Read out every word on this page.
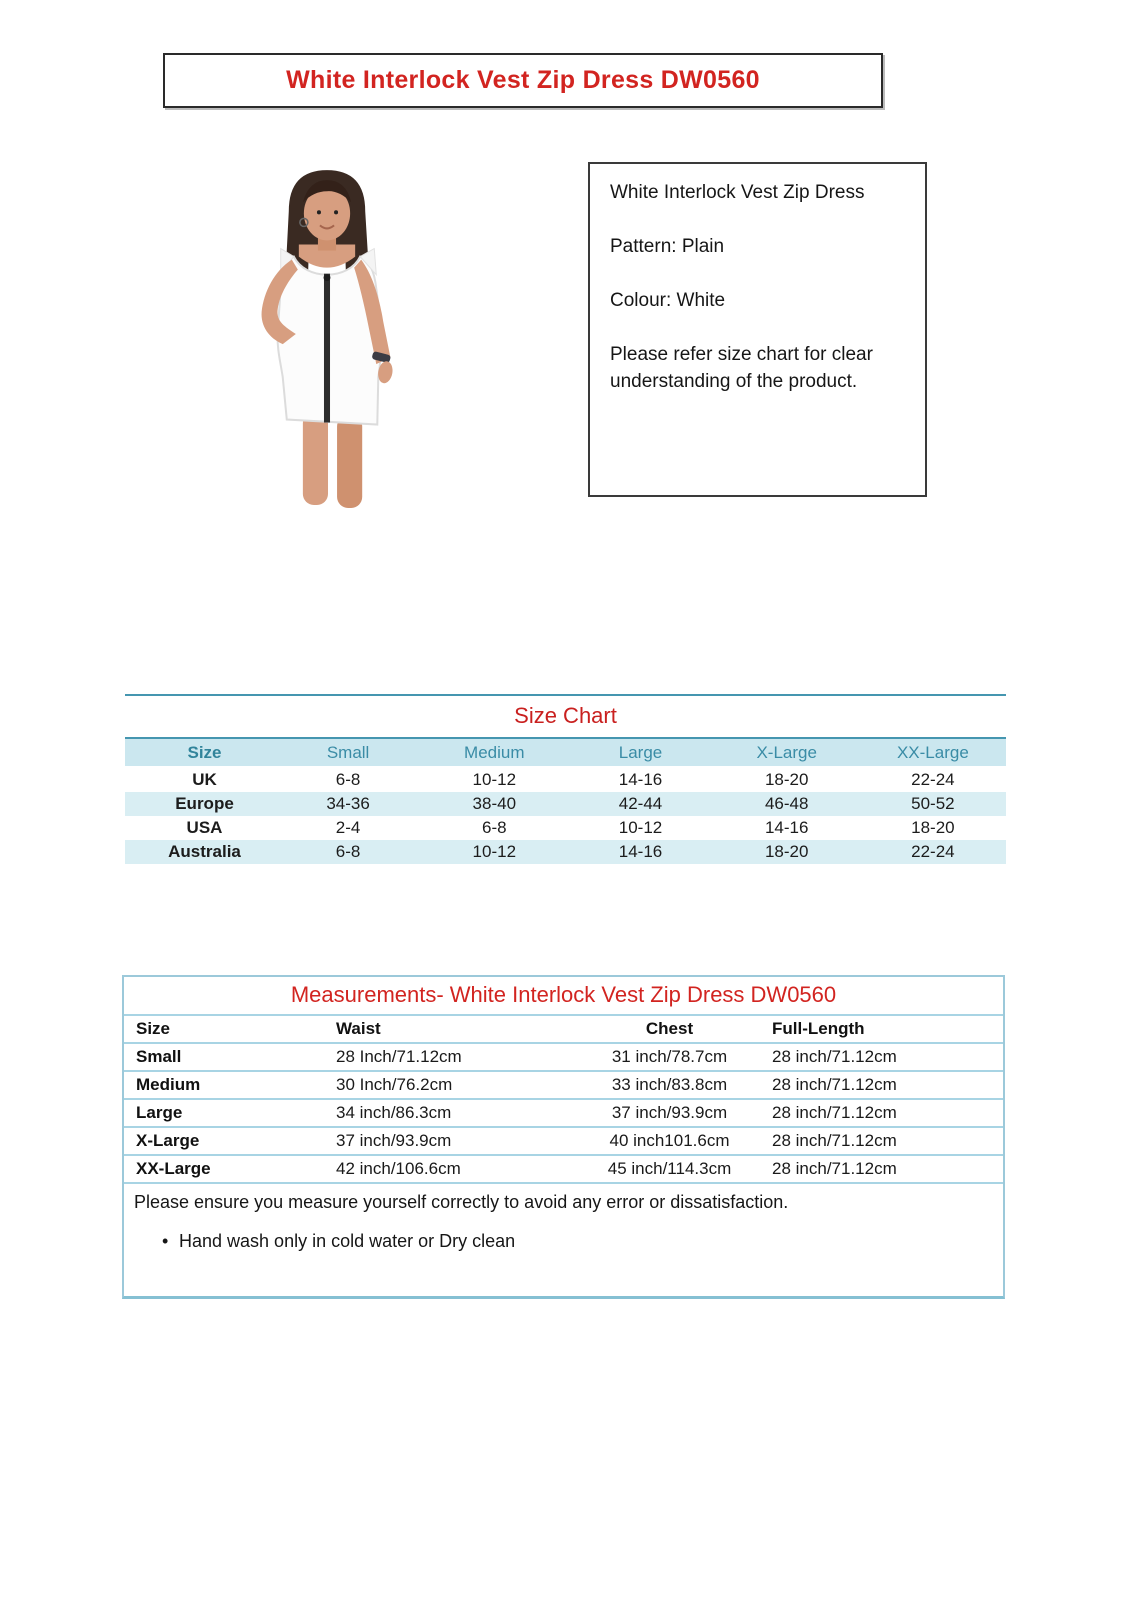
White Interlock Vest Zip Dress DW0560

White Interlock Vest Zip Dress

Pattern: Plain

Colour: White

Please refer size chart for clear understanding of the product.

Size Chart
Size	Small	Medium	Large	X-Large	XX-Large
UK	6-8	10-12	14-16	18-20	22-24
Europe	34-36	38-40	42-44	46-48	50-52
USA	2-4	6-8	10-12	14-16	18-20
Australia	6-8	10-12	14-16	18-20	22-24
Measurements- White Interlock Vest Zip Dress DW0560
Size	Waist	Chest	Full-Length
Small	28 Inch/71.12cm	31 inch/78.7cm	28 inch/71.12cm
Medium	30 Inch/76.2cm	33 inch/83.8cm	28 inch/71.12cm
Large	34 inch/86.3cm	37 inch/93.9cm	28 inch/71.12cm
X-Large	37 inch/93.9cm	40 inch101.6cm	28 inch/71.12cm
XX-Large	42 inch/106.6cm	45 inch/114.3cm	28 inch/71.12cm

Please ensure you measure yourself correctly to avoid any error or dissatisfaction.

• Hand wash only in cold water or Dry clean
